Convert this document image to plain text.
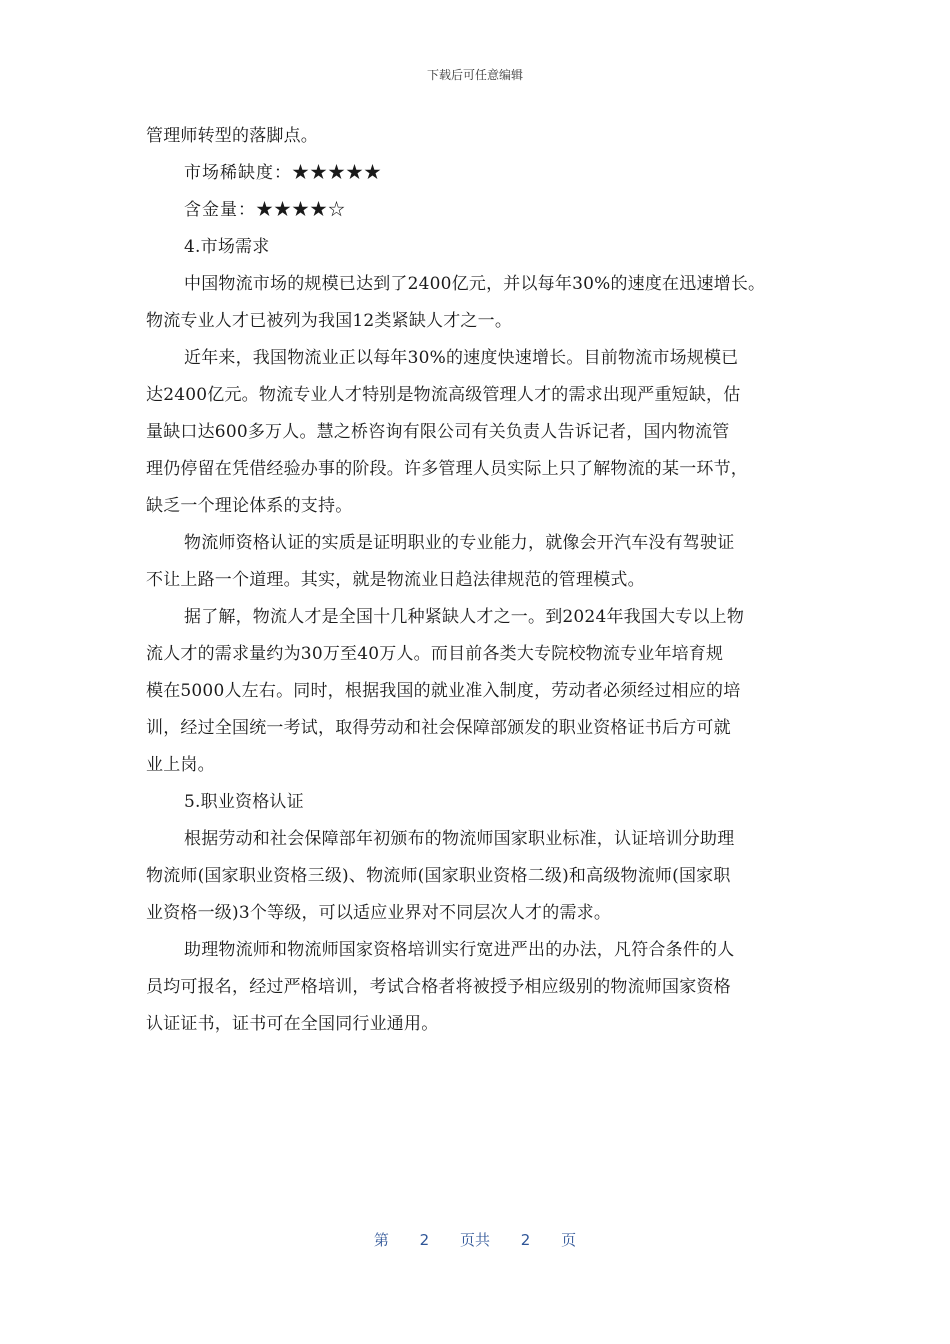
下载后可任意编辑
管理师转型的落脚点。
市场稀缺度：★★★★★
含金量：★★★★☆
4.市场需求
中国物流市场的规模已达到了2400亿元，并以每年30%的速度在迅速增长。
物流专业人才已被列为我国12类紧缺人才之一。
近年来，我国物流业正以每年30%的速度快速增长。目前物流市场规模已
达2400亿元。物流专业人才特别是物流高级管理人才的需求出现严重短缺，估
量缺口达600多万人。慧之桥咨询有限公司有关负责人告诉记者，国内物流管
理仍停留在凭借经验办事的阶段。许多管理人员实际上只了解物流的某一环节，
缺乏一个理论体系的支持。
物流师资格认证的实质是证明职业的专业能力，就像会开汽车没有驾驶证
不让上路一个道理。其实，就是物流业日趋法律规范的管理模式。
据了解，物流人才是全国十几种紧缺人才之一。到2024年我国大专以上物
流人才的需求量约为30万至40万人。而目前各类大专院校物流专业年培育规
模在5000人左右。同时，根据我国的就业准入制度，劳动者必须经过相应的培
训，经过全国统一考试，取得劳动和社会保障部颁发的职业资格证书后方可就
业上岗。
5.职业资格认证
根据劳动和社会保障部年初颁布的物流师国家职业标准，认证培训分助理
物流师(国家职业资格三级)、物流师(国家职业资格二级)和高级物流师(国家职
业资格一级)3个等级，可以适应业界对不同层次人才的需求。
助理物流师和物流师国家资格培训实行宽进严出的办法，凡符合条件的人
员均可报名，经过严格培训，考试合格者将被授予相应级别的物流师国家资格
认证证书，证书可在全国同行业通用。
第 2 页共 2 页
